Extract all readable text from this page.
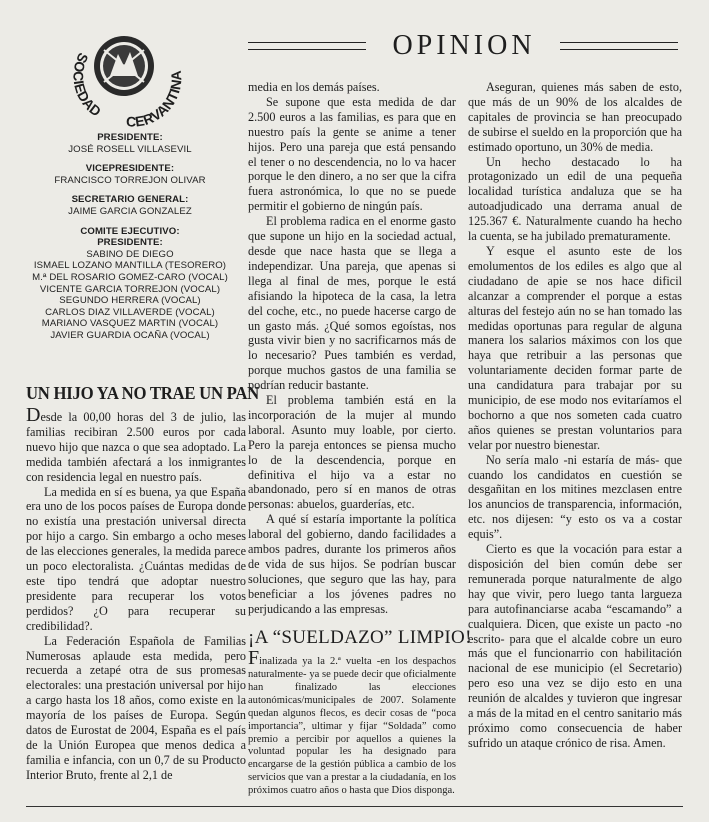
OPINION
SOCIEDAD
CERVANTINA
PRESIDENTE:
JOSÉ ROSELL VILLASEVIL
VICEPRESIDENTE:
FRANCISCO TORREJON OLIVAR
SECRETARIO GENERAL:
JAIME GARCIA GONZALEZ
COMITE EJECUTIVO:
PRESIDENTE:
SABINO DE DIEGO
ISMAEL LOZANO MANTILLA (TESORERO)
M.ª DEL ROSARIO GOMEZ-CARO (VOCAL)
VICENTE GARCIA TORREJON (VOCAL)
SEGUNDO HERRERA (VOCAL)
CARLOS DIAZ VILLAVERDE (VOCAL)
MARIANO VASQUEZ MARTIN (VOCAL)
JAVIER GUARDIA OCAÑA (VOCAL)
UN HIJO YA NO TRAE UN PAN

Desde la 00,00 horas del 3 de julio, las familias recibiran 2.500 euros por cada nuevo hijo que nazca o que sea adoptado. La medida también afectará a los inmigrantes con residencia legal en nuestro país.

La medida en sí es buena, ya que España era uno de los pocos países de Europa donde no existía una prestación universal directa por hijo a cargo. Sin embargo a ocho meses de las elecciones generales, la medida parece un poco electoralista. ¿Cuántas medidas de este tipo tendrá que adoptar nuestro presidente para recuperar los votos perdidos? ¿O para recuperar su credibilidad?.

La Federación Española de Familias Numerosas aplaude esta medida, pero recuerda a zetapé otra de sus promesas electorales: una prestación universal por hijo a cargo hasta los 18 años, como existe en la mayoría de los países de Europa. Según datos de Eurostat de 2004, España es el país de la Unión Europea que menos dedica a familia e infancia, con un 0,7 de su Producto Interior Bruto, frente al 2,1 de

media en los demás países.

Se supone que esta medida de dar 2.500 euros a las familias, es para que en nuestro país la gente se anime a tener hijos. Pero una pareja que está pensando el tener o no descendencia, no lo va hacer porque le den dinero, a no ser que la cifra fuera astronómica, lo que no se puede permitir el gobierno de ningún país.

El problema radica en el enorme gasto que supone un hijo en la sociedad actual, desde que nace hasta que se llega a independizar. Una pareja, que apenas si llega al final de mes, porque le está afisiando la hipoteca de la casa, la letra del coche, etc., no puede hacerse cargo de un gasto más. ¿Qué somos egoístas, nos gusta vivir bien y no sacrificarnos más de lo necesario? Pues también es verdad, porque muchos gastos de una familia se podrían reducir bastante.

El problema también está en la incorporación de la mujer al mundo laboral. Asunto muy loable, por cierto. Pero la pareja entonces se piensa mucho lo de la descendencia, porque en definitiva el hijo va a estar no abandonado, pero sí en manos de otras personas: abuelos, guarderías, etc.

A qué sí estaría importante la política laboral del gobierno, dando facilidades a ambos padres, durante los primeros años de vida de sus hijos. Se podrían buscar soluciones, que seguro que las hay, para beneficiar a los jóvenes padres no perjudicando a las empresas.

¡A “SUELDAZO” LIMPIO!

Finalizada ya la 2.ª vuelta -en los despachos naturalmente- ya se puede decir que oficialmente han finalizado las elecciones autonómicas/municipales de 2007. Solamente quedan algunos flecos, es decir cosas de “poca importancia”, ultimar y fijar “Soldada” como premio a percibir por aquellos a quienes la voluntad popular les ha designado para encargarse de la gestión pública a cambio de los servicios que van a prestar a la ciudadanía, en los próximos cuatro años o hasta que Dios disponga.

Aseguran, quienes más saben de esto, que más de un 90% de los alcaldes de capitales de provincia se han preocupado de subirse el sueldo en la proporción que ha estimado oportuno, un 30% de media.

Un hecho destacado lo ha protagonizado un edil de una pequeña localidad turística andaluza que se ha autoadjudicado una derrama anual de 125.367 €. Naturalmente cuando ha hecho la cuenta, se ha jubilado prematuramente.

Y esque el asunto este de los emolumentos de los ediles es algo que al ciudadano de apie se nos hace dificil alcanzar a comprender el porque a estas alturas del festejo aún no se han tomado las medidas oportunas para regular de alguna manera los salarios máximos con los que haya que retribuir a las personas que voluntariamente deciden formar parte de una candidatura para trabajar por su municipio, de ese modo nos evitaríamos el bochorno a que nos someten cada cuatro años quienes se prestan voluntarios para velar por nuestro bienestar.

No sería malo -ni estaría de más- que cuando los candidatos en cuestión se desgañitan en los mitines mezclasen entre los anuncios de transparencia, información, etc. nos dijesen: “y esto os va a costar equis”.

Cierto es que la vocación para estar a disposición del bien común debe ser remunerada porque naturalmente de algo hay que vivir, pero luego tanta largueza para autofinanciarse acaba “escamando” a cualquiera. Dicen, que existe un pacto -no escrito- para que el alcalde cobre un euro más que el funcionarrio con habilitación nacional de ese municipio (el Secretario) pero eso una vez se dijo esto en una reunión de alcaldes y tuvieron que ingresar a más de la mitad en el centro sanitario más próximo como consecuencia de haber sufrido un ataque crónico de risa. Amen.
